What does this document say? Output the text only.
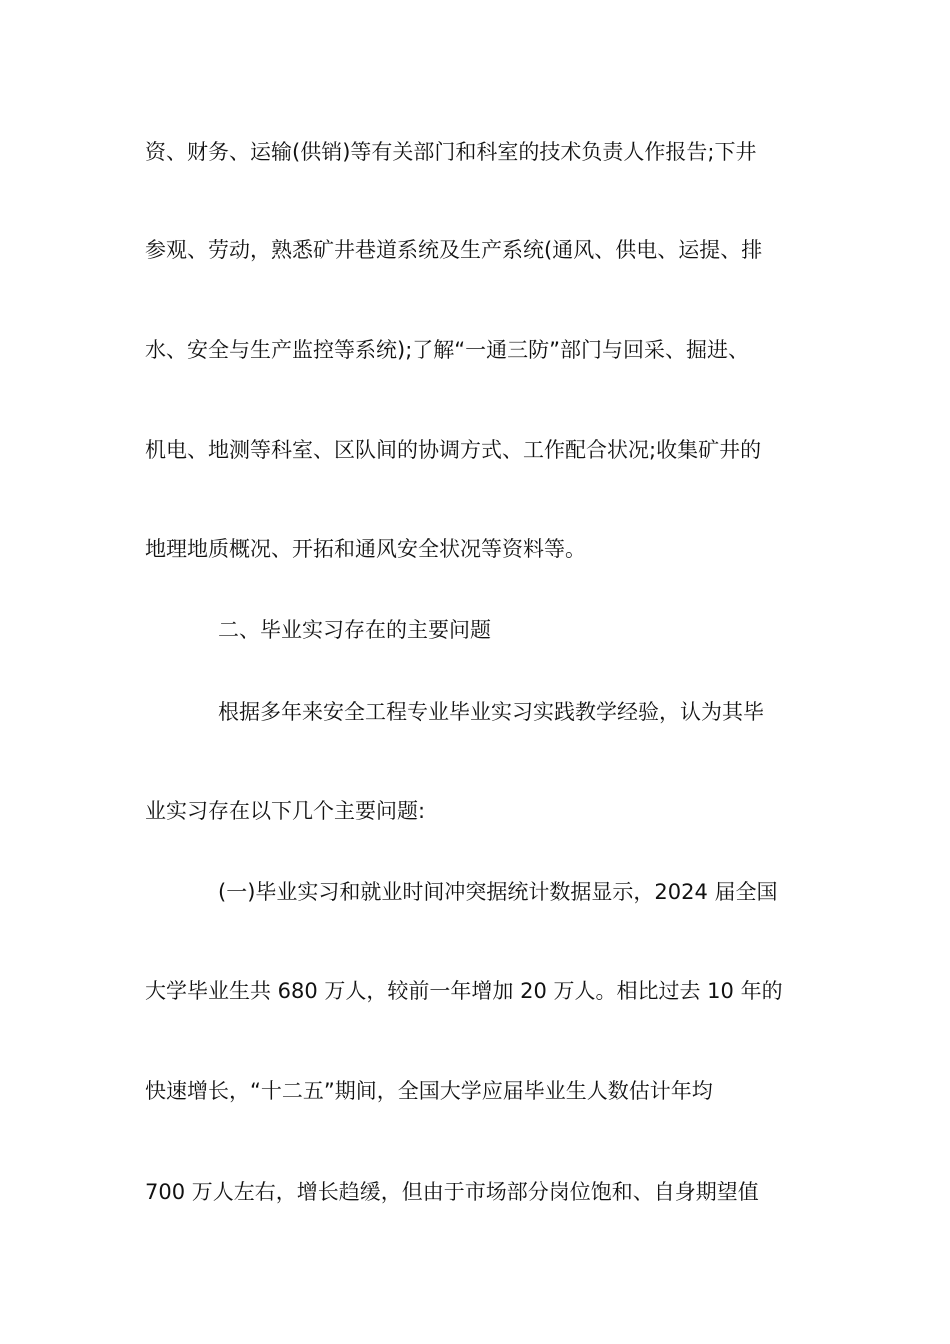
资、财务、运输(供销)等有关部门和科室的技术负责人作报告;下井
参观、劳动，熟悉矿井巷道系统及生产系统(通风、供电、运提、排
水、安全与生产监控等系统);了解“一通三防”部门与回采、掘进、
机电、地测等科室、区队间的协调方式、工作配合状况;收集矿井的
地理地质概况、开拓和通风安全状况等资料等。
二、毕业实习存在的主要问题
根据多年来安全工程专业毕业实习实践教学经验，认为其毕
业实习存在以下几个主要问题:
(一)毕业实习和就业时间冲突据统计数据显示，2024 届全国
大学毕业生共 680 万人，较前一年增加 20 万人。相比过去 10 年的
快速增长，“十二五”期间，全国大学应届毕业生人数估计年均
700 万人左右，增长趋缓，但由于市场部分岗位饱和、自身期望值
